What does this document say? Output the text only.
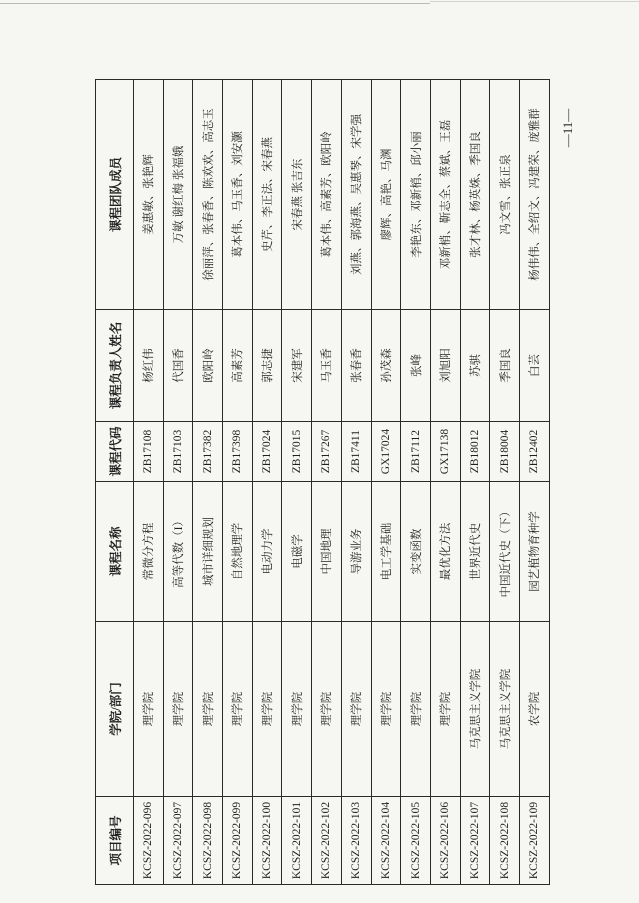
项目编号	学院/部门	课程名称	课程代码	课程负责人姓名	课程团队成员
KCSZ-2022-096	理学院	常微分方程	ZB17108	杨红伟	姜惠敏、张艳辉
KCSZ-2022-097	理学院	高等代数（I）	ZB17103	代国香	万敏 谢红梅 张福娥
KCSZ-2022-098	理学院	城市详细规划	ZB17382	欧阳岭	徐丽萍、张春香、陈欢欢、高志玉
KCSZ-2022-099	理学院	自然地理学	ZB17398	高素芳	葛本伟、马玉香、刘安灏
KCSZ-2022-100	理学院	电动力学	ZB17024	郭志捷	史芹、李正法、宋春燕
KCSZ-2022-101	理学院	电磁学	ZB17015	宋建军	宋春燕 张吉东
KCSZ-2022-102	理学院	中国地理	ZB17267	马玉香	葛本伟、高素芳、欧阳岭
KCSZ-2022-103	理学院	导游业务	ZB17411	张春香	刘燕、郭海燕、吴惠琴、宋学强
KCSZ-2022-104	理学院	电工学基础	GX17024	孙茂森	廖辉、高艳、马渊
KCSZ-2022-105	理学院	实变函数	ZB17112	张峰	李艳东、邓新梢、邱小丽
KCSZ-2022-106	理学院	最优化方法	GX17138	刘旭阳	邓新梢、靳志全、蔡斌、王磊
KCSZ-2022-107	马克思主义学院	世界近代史	ZB18012	苏骐	张才林、杨英姝、季国良
KCSZ-2022-108	马克思主义学院	中国近代史（下）	ZB18004	季国良	冯文雪、张正泉
KCSZ-2022-109	农学院	园艺植物育种学	ZB12402	白芸	杨伟伟、全绍文、冯建荣、庞雅群 —11—
